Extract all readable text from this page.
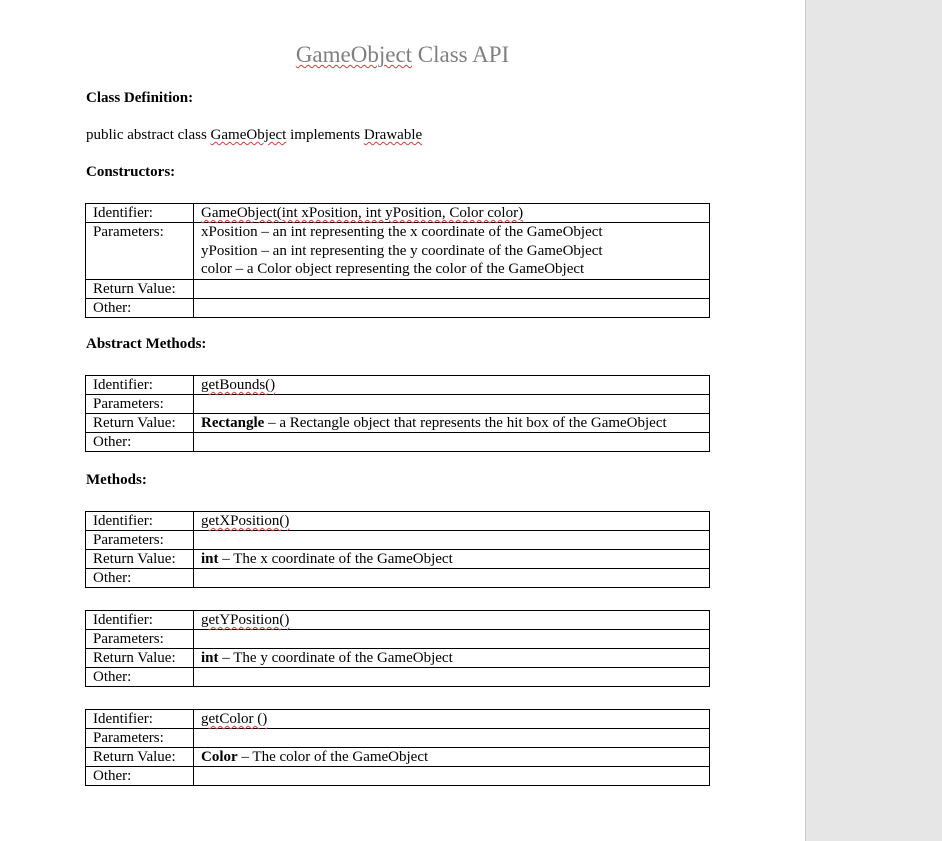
GameObject Class API
Class Definition:
public abstract class GameObject implements Drawable
Constructors:
Identifier:	GameObject(int xPosition, int yPosition, Color color)
Parameters:	xPosition – an int representing the x coordinate of the GameObject
yPosition – an int representing the y coordinate of the GameObject
color – a Color object representing the color of the GameObject

Return Value:	
Other:	
Abstract Methods:
Identifier:	getBounds()
Parameters:	
Return Value:	Rectangle – a Rectangle object that represents the hit box of the GameObject
Other:	
Methods:
Identifier:	getXPosition()
Parameters:	
Return Value:	int – The x coordinate of the GameObject
Other:	
Identifier:	getYPosition()
Parameters:	
Return Value:	int – The y coordinate of the GameObject
Other:	
Identifier:	getColor ()
Parameters:	
Return Value:	Color – The color of the GameObject
Other:	
